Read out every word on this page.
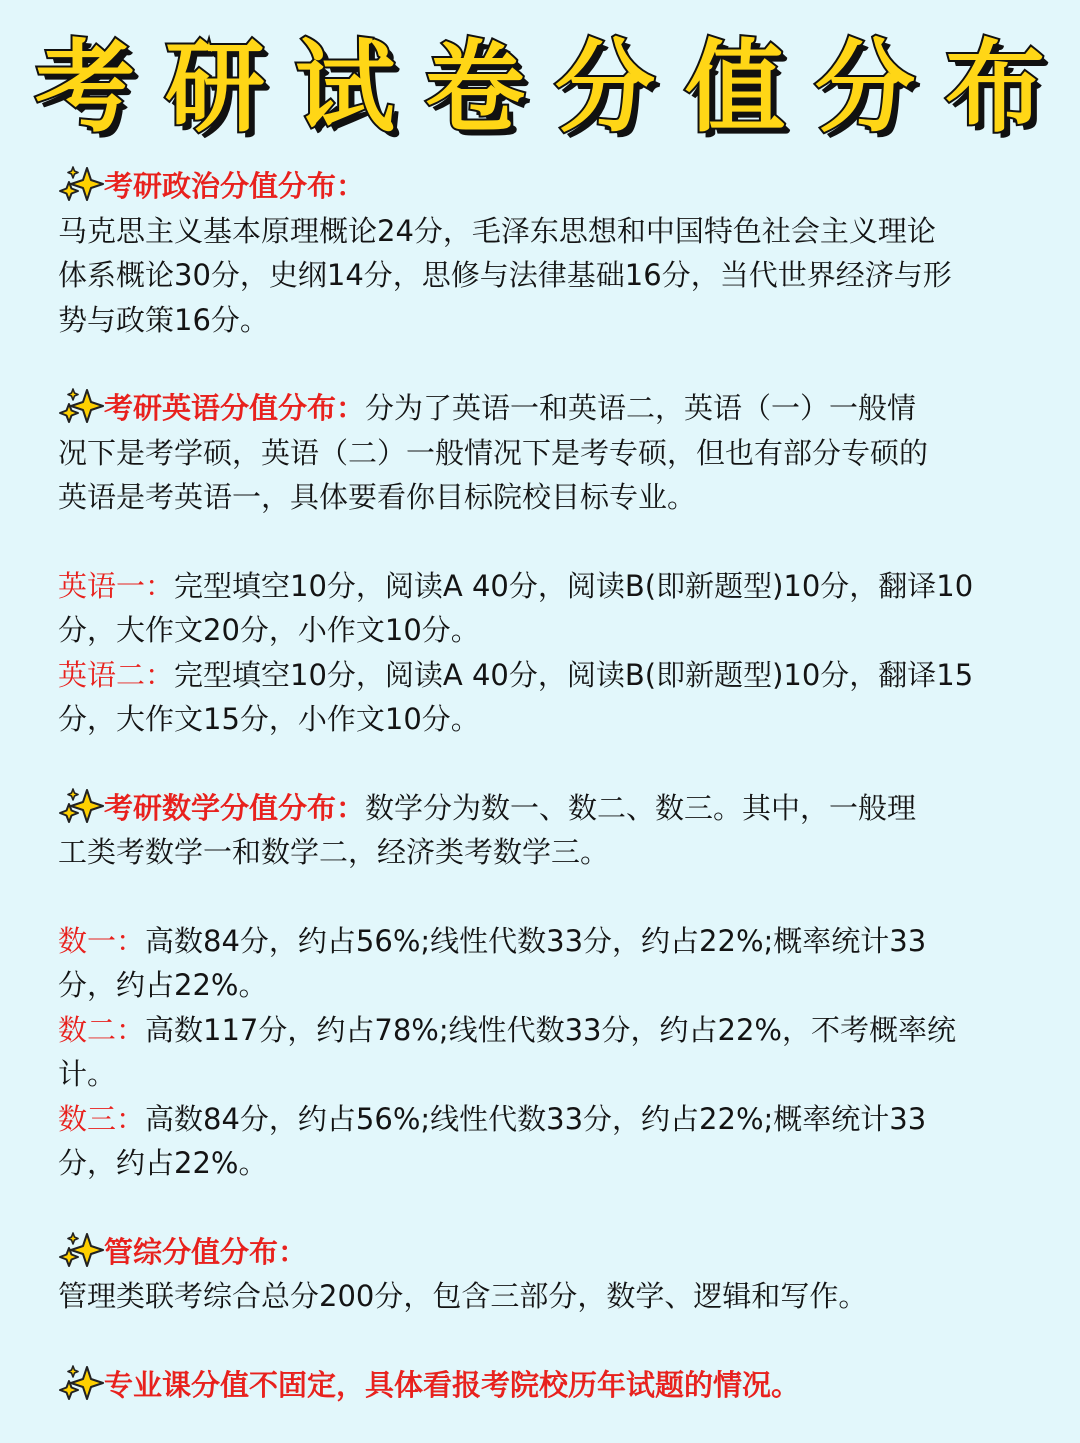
考 研 试 卷 分 值 分 布
考研政治分值分布：
马克思主义基本原理概论24分，毛泽东思想和中国特色社会主义理论
体系概论30分，史纲14分，思修与法律基础16分，当代世界经济与形
势与政策16分。
考研英语分值分布：分为了英语一和英语二，英语（一）一般情
况下是考学硕，英语（二）一般情况下是考专硕，但也有部分专硕的
英语是考英语一，具体要看你目标院校目标专业。
英语一：完型填空10分，阅读A 40分，阅读B(即新题型)10分，翻译10
分，大作文20分，小作文10分。
英语二：完型填空10分，阅读A 40分，阅读B(即新题型)10分，翻译15
分，大作文15分，小作文10分。
考研数学分值分布：数学分为数一、数二、数三。其中，一般理
工类考数学一和数学二，经济类考数学三。
数一：高数84分，约占56%;线性代数33分，约占22%;概率统计33
分，约占22%。
数二：高数117分，约占78%;线性代数33分，约占22%，不考概率统
计。
数三：高数84分，约占56%;线性代数33分，约占22%;概率统计33
分，约占22%。
管综分值分布：
管理类联考综合总分200分，包含三部分，数学、逻辑和写作。
专业课分值不固定，具体看报考院校历年试题的情况。
